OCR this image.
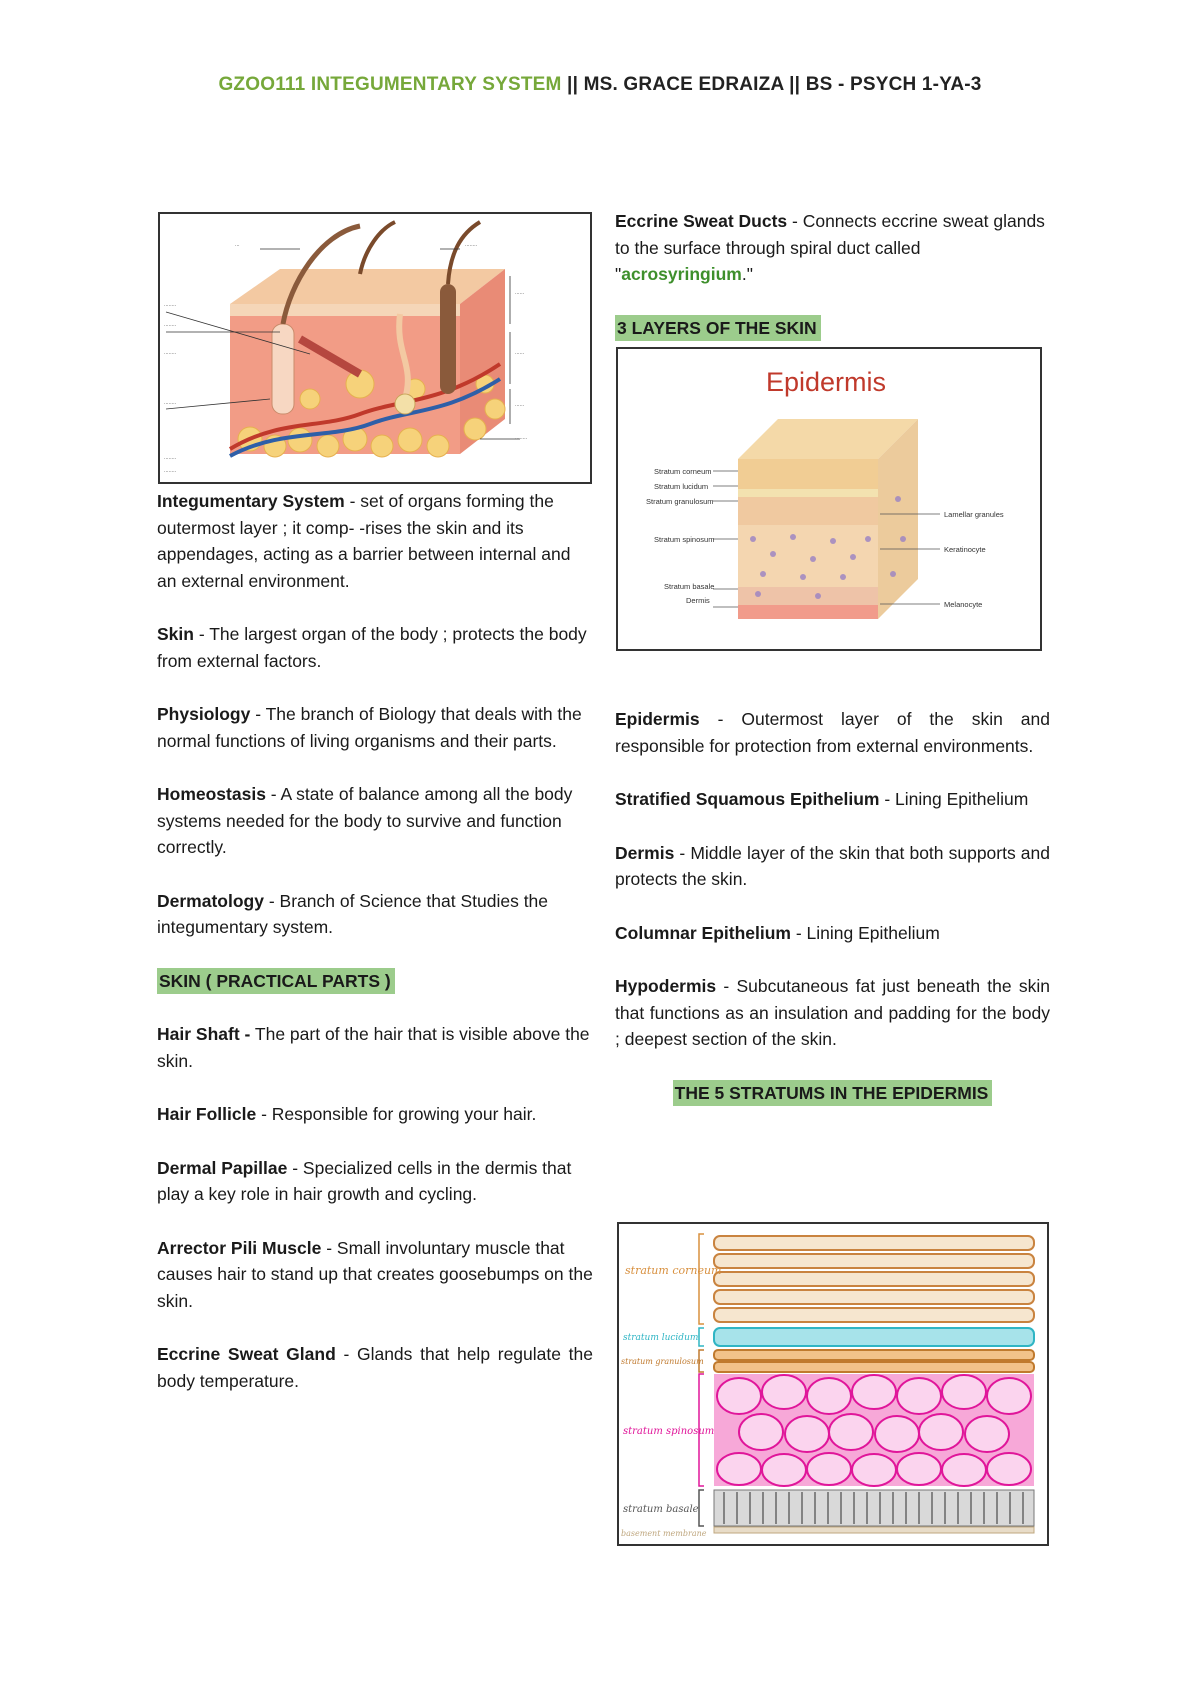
GZOO111 INTEGUMENTARY SYSTEM || MS. GRACE EDRAIZA || BS - PSYCH 1-YA-3
...
........
........
........
........
........
........
......
......
......
........
........
Integumentary System - set of organs forming the outermost layer ; it comp- -rises the skin and its appendages, acting as a barrier between internal and an external environment.
Skin - The largest organ of the body ; protects the body from external factors.
Physiology - The branch of Biology that deals with the normal functions of living organisms and their parts.
Homeostasis - A state of balance among all the body systems needed for the body to survive and function correctly.
Dermatology - Branch of Science that Studies the integumentary system.
SKIN ( PRACTICAL PARTS )
Hair Shaft - The part of the hair that is visible above the skin.
Hair Follicle - Responsible for growing your hair.
Dermal Papillae - Specialized cells in the dermis that play a key role in hair growth and cycling.
Arrector Pili Muscle - Small involuntary muscle that causes hair to stand up that creates goosebumps on the skin.
Eccrine Sweat Gland - Glands that help regulate the body temperature.
Eccrine Sweat Ducts - Connects eccrine sweat glands to the surface through spiral duct called "acrosyringium."
3 LAYERS OF THE SKIN
Epidermis
Stratum corneum
Stratum lucidum
Stratum granulosum
Stratum spinosum
Stratum basale
Dermis
Lamellar granules
Keratinocyte
Melanocyte
Epidermis - Outermost layer of the skin and responsible for protection from external environments.
Stratified Squamous Epithelium - Lining Epithelium
Dermis - Middle layer of the skin that both supports and protects the skin.
Columnar Epithelium - Lining Epithelium
Hypodermis - Subcutaneous fat just beneath the skin that functions as an insulation and padding for the body ; deepest section of the skin.
THE 5 STRATUMS IN THE EPIDERMIS
stratum corneum
stratum lucidum
stratum granulosum
stratum spinosum
stratum basale
basement membrane
